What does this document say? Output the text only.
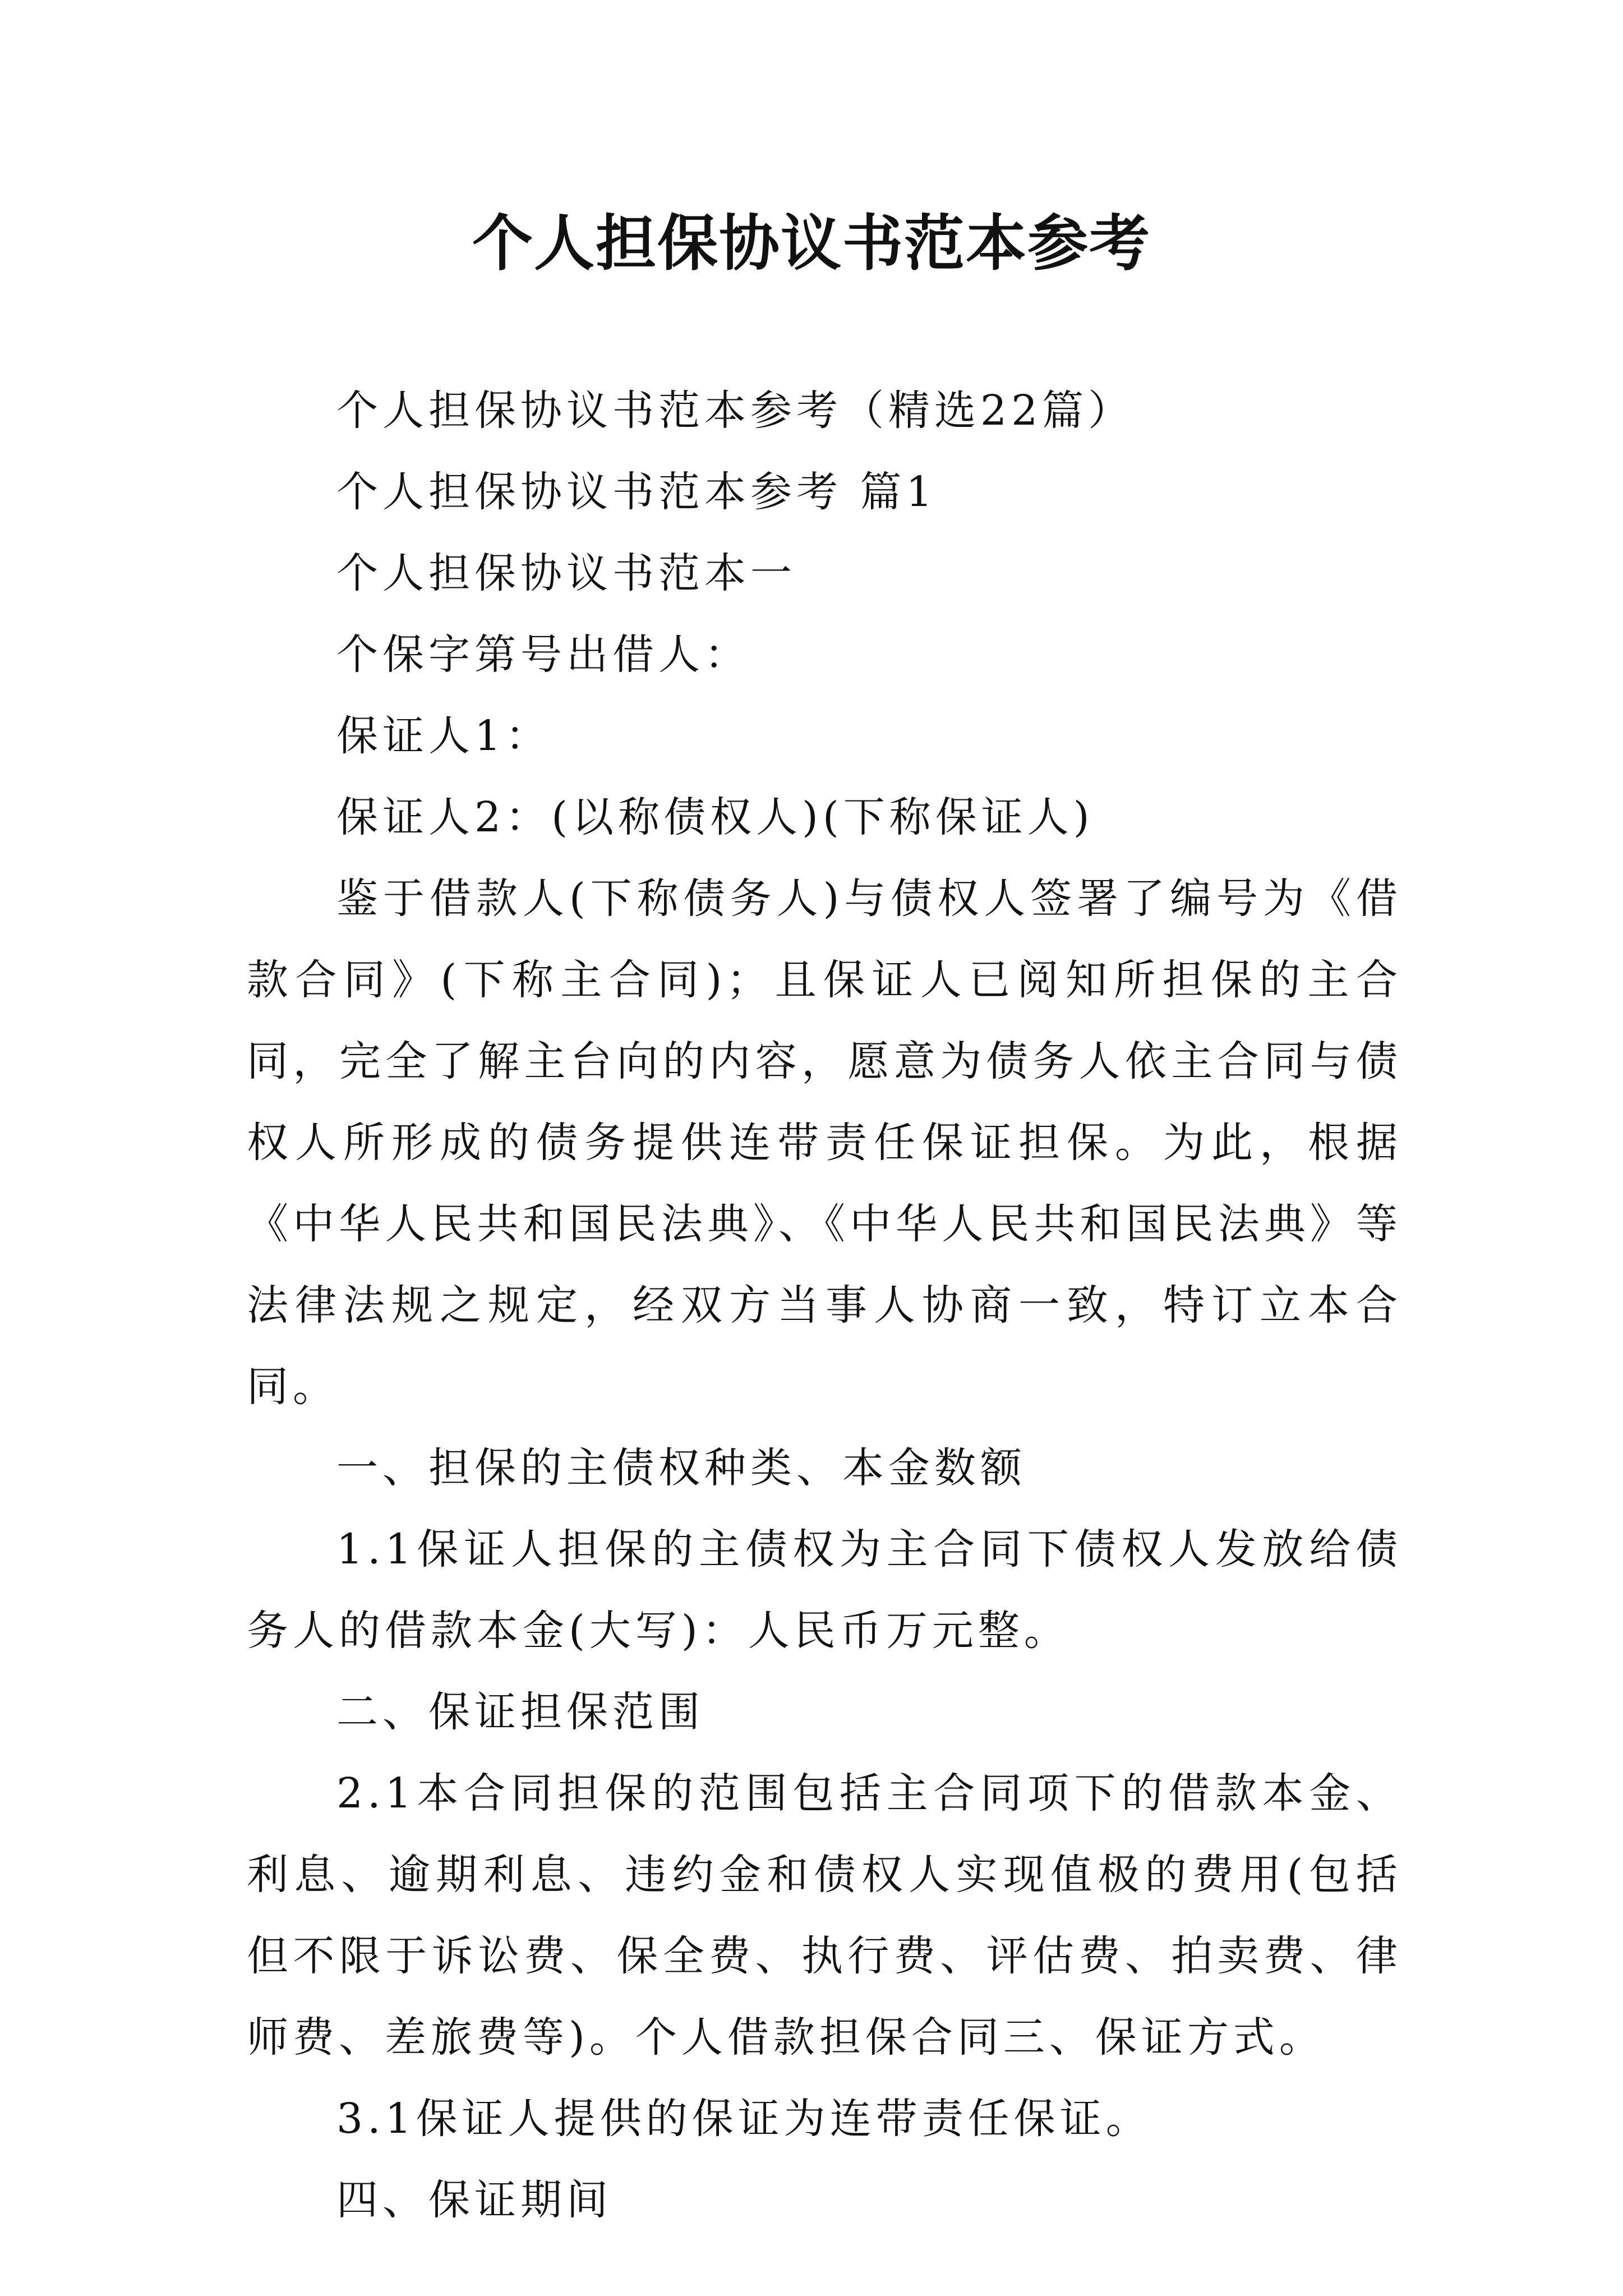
个人担保协议书范本参考

个人担保协议书范本参考（精选22篇）

个人担保协议书范本参考 篇1

个人担保协议书范本一

个保字第号出借人：

保证人1：

保证人2：(以称债权人)(下称保证人)

鉴于借款人(下称债务人)与债权人签署了编号为《借款合同》(下称主合同)；且保证人已阅知所担保的主合同，完全了解主台向的内容，愿意为债务人依主合同与债权人所形成的债务提供连带责任保证担保。为此，根据《中华人民共和国民法典》、《中华人民共和国民法典》等法律法规之规定，经双方当事人协商一致，特订立本合同。

一、担保的主债权种类、本金数额

1.1保证人担保的主债权为主合同下债权人发放给债务人的借款本金(大写)：人民币万元整。

二、保证担保范围

2.1本合同担保的范围包括主合同项下的借款本金、利息、逾期利息、违约金和债权人实现值极的费用(包括但不限于诉讼费、保全费、执行费、评估费、拍卖费、律师费、差旅费等)。个人借款担保合同三、保证方式。

3.1保证人提供的保证为连带责任保证。

四、保证期间
